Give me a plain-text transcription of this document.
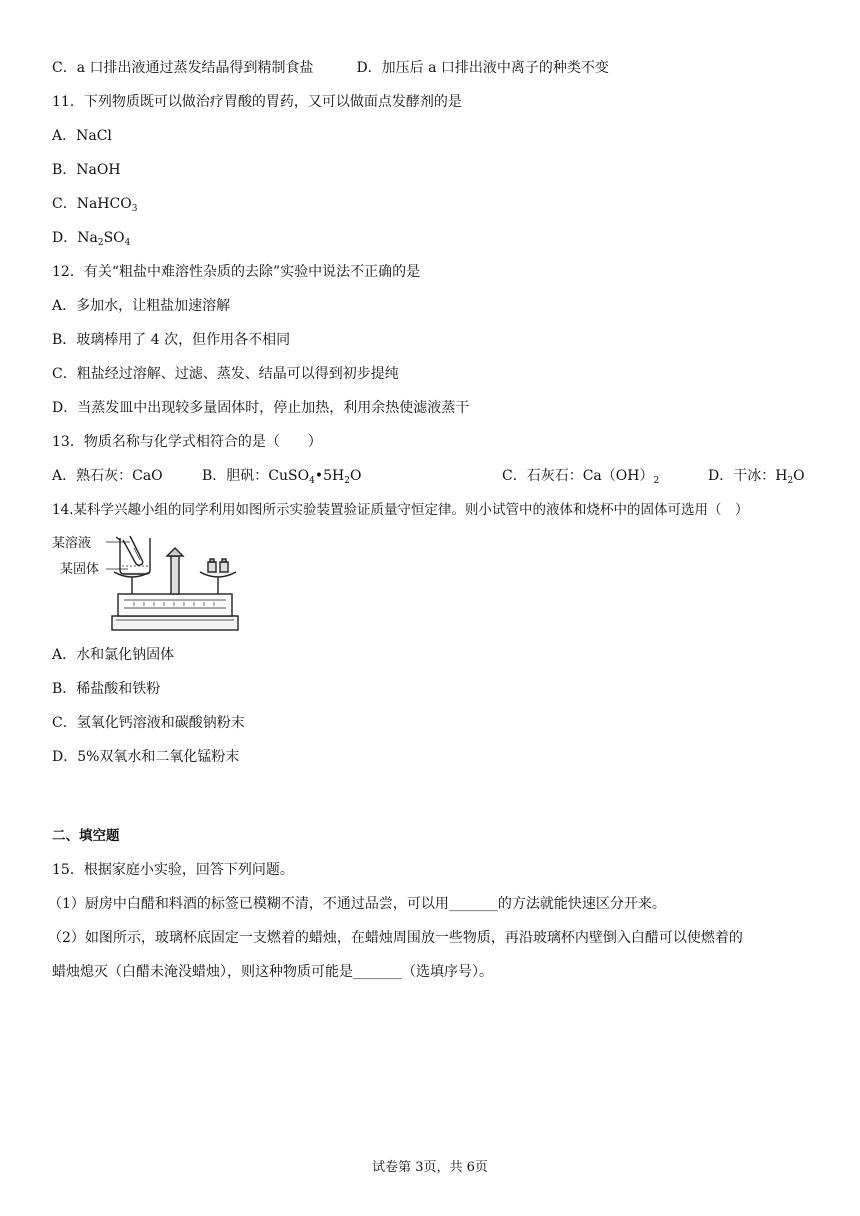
C．a 口排出液通过蒸发结晶得到精制食盐	D．加压后 a 口排出液中离子的种类不变
11．下列物质既可以做治疗胃酸的胃药，又可以做面点发酵剂的是
A．NaCl
B．NaOH
C．NaHCO$_3$
D．$Na_2SO_4$
12．有关“粗盐中难溶性杂质的去除”实验中说法不正确的是
A．多加水，让粗盐加速溶解
B．玻璃棒用了 4 次，但作用各不相同
C．粗盐经过溶解、过滤、蒸发、结晶可以得到初步提纯
D．当蒸发皿中出现较多量固体时，停止加热，利用余热使滤液蒸干
13．物质名称与化学式相符合的是（　　）
A．熟石灰：CaO	B．胆矾：$CuSO_4•5H_2O$	C．石灰石：$Ca(OH)_2$	D．干冰：$H_2O$
14.某科学兴趣小组的同学利用如图所示实验装置验证质量守恒定律。则小试管中的液体和烧杯中的固体可选用（　）
某溶液
某固体
A．水和氯化钠固体
B．稀盐酸和铁粉
C．氢氧化钙溶液和碳酸钠粉末
D．5%双氧水和二氧化锰粉末
二、填空题
15．根据家庭小实验，回答下列问题。
（1）厨房中白醋和料酒的标签已模糊不清，不通过品尝，可以用_______的方法就能快速区分开来。
（2）如图所示，玻璃杯底固定一支燃着的蜡烛，在蜡烛周围放一些物质，再沿玻璃杯内壁倒入白醋可以使燃着的
蜡烛熄灭（白醋未淹没蜡烛），则这种物质可能是_______（选填序号）。
试卷第 3页，共 6页
